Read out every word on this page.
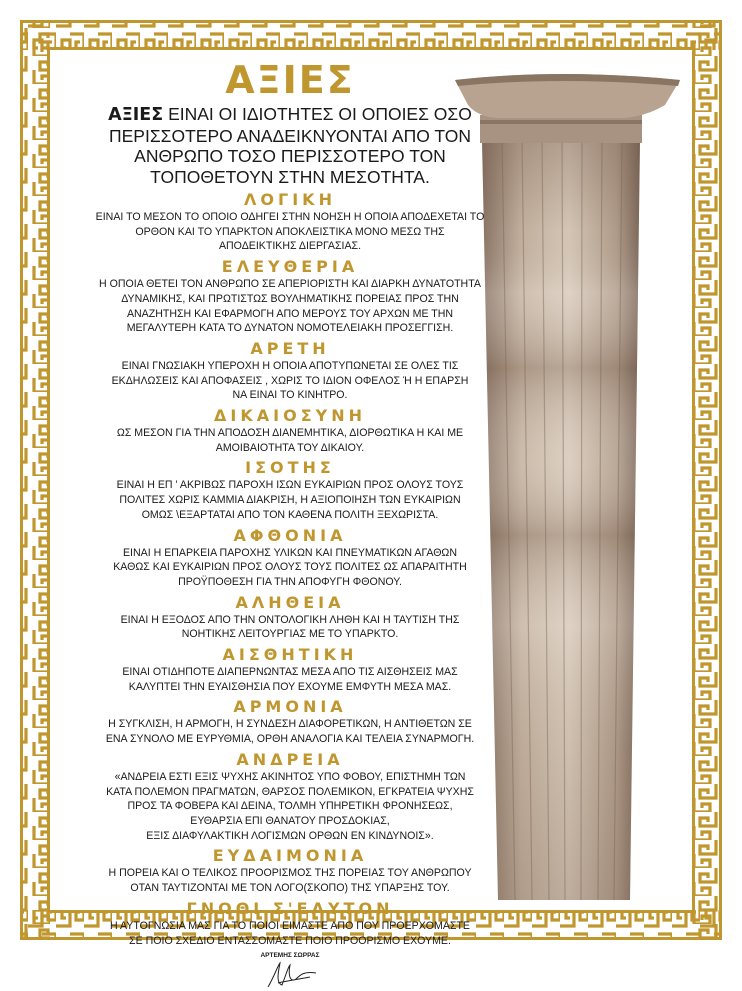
ΑΞΙΕΣ
ΑΞΙΕΣ ΕΙΝΑΙ ΟΙ ΙΔΙΟΤΗΤΕΣ ΟΙ ΟΠΟΙΕΣ ΟΣΟ
ΠΕΡΙΣΣΟΤΕΡΟ ΑΝΑΔΕΙΚΝΥΟΝΤΑΙ ΑΠΟ ΤΟΝ
ΑΝΘΡΩΠΟ ΤΟΣΟ ΠΕΡΙΣΣΟΤΕΡΟ ΤΟΝ
ΤΟΠΟΘΕΤΟΥΝ ΣΤΗΝ ΜΕΣΟΤΗΤΑ.
ΛΟΓΙΚΗ
ΕΙΝΑΙ ΤΟ ΜΕΣΟΝ ΤΟ ΟΠΟΙΟ ΟΔΗΓΕΙ ΣΤΗΝ ΝΟΗΣΗ Η ΟΠΟΙΑ ΑΠΟΔΕΧΕΤΑΙ ΤΟ
ΟΡΘΟΝ ΚΑΙ ΤΟ ΥΠΑΡΚΤΟΝ ΑΠΟΚΛΕΙΣΤΙΚΑ ΜΟΝΟ ΜΕΣΩ ΤΗΣ
ΑΠΟΔΕΙΚΤΙΚΗΣ ΔΙΕΡΓΑΣΙΑΣ.
ΕΛΕΥΘΕΡΙΑ
Η ΟΠΟΙΑ ΘΕΤΕΙ ΤΟΝ ΑΝΘΡΩΠΟ ΣΕ ΑΠΕΡΙΟΡΙΣΤΗ ΚΑΙ ΔΙΑΡΚΗ ΔΥΝΑΤΟΤΗΤΑ
ΔΥΝΑΜΙΚΗΣ, ΚΑΙ ΠΡΩΤΙΣΤΩΣ ΒΟΥΛΗΜΑΤΙΚΗΣ ΠΟΡΕΙΑΣ ΠΡΟΣ ΤΗΝ
ΑΝΑΖΗΤΗΣΗ ΚΑΙ ΕΦΑΡΜΟΓΗ ΑΠΟ ΜΕΡΟΥΣ ΤΟΥ ΑΡΧΩΝ ΜΕ ΤΗΝ
ΜΕΓΑΛΥΤΕΡΗ ΚΑΤΑ ΤΟ ΔΥΝΑΤΟΝ ΝΟΜΟΤΕΛΕΙΑΚΗ ΠΡΟΣΕΓΓΙΣΗ.
ΑΡΕΤΗ
ΕΙΝΑΙ ΓΝΩΣΙΑΚΗ ΥΠΕΡΟΧΗ Η ΟΠΟΙΑ ΑΠΟΤΥΠΩΝΕΤΑΙ ΣΕ ΟΛΕΣ ΤΙΣ
ΕΚΔΗΛΩΣΕΙΣ ΚΑΙ ΑΠΟΦΑΣΕΙΣ , ΧΩΡΙΣ ΤΟ ΙΔΙΟΝ ΟΦΕΛΟΣ Ή Η ΕΠΑΡΣΗ
ΝΑ ΕΙΝΑΙ ΤΟ ΚΙΝΗΤΡΟ.
ΔΙΚΑΙΟΣΥΝΗ
ΩΣ ΜΕΣΟΝ ΓΙΑ ΤΗΝ ΑΠΟΔΟΣΗ ΔΙΑΝΕΜΗΤΙΚΑ, ΔΙΟΡΘΩΤΙΚΑ Η ΚΑΙ ΜΕ
ΑΜΟΙΒΑΙΟΤΗΤΑ ΤΟΥ ΔΙΚΑΙΟΥ.
ΙΣΟΤΗΣ
ΕΙΝΑΙ Η ΕΠ ' ΑΚΡΙΒΩΣ ΠΑΡΟΧΗ ΙΣΩΝ ΕΥΚΑΙΡΙΩΝ ΠΡΟΣ ΟΛΟΥΣ ΤΟΥΣ
ΠΟΛΙΤΕΣ ΧΩΡΙΣ ΚΑΜΜΙΑ ΔΙΑΚΡΙΣΗ, Η ΑΞΙΟΠΟΙΗΣΗ ΤΩΝ ΕΥΚΑΙΡΙΩΝ
ΟΜΩΣ \ΕΞΑΡΤΑΤΑΙ ΑΠΟ ΤΟΝ ΚΑΘΕΝΑ ΠΟΛΙΤΗ ΞΕΧΩΡΙΣΤΑ.
ΑΦΘΟΝΙΑ
ΕΙΝΑΙ Η ΕΠΑΡΚΕΙΑ ΠΑΡΟΧΗΣ ΥΛΙΚΩΝ ΚΑΙ ΠΝΕΥΜΑΤΙΚΩΝ ΑΓΑΘΩΝ
ΚΑΘΩΣ ΚΑΙ ΕΥΚΑΙΡΙΩΝ ΠΡΟΣ ΟΛΟΥΣ ΤΟΥΣ ΠΟΛΙΤΕΣ ΩΣ ΑΠΑΡΑΙΤΗΤΗ
ΠΡΟΫΠΟΘΕΣΗ ΓΙΑ ΤΗΝ ΑΠΟΦΥΓΗ ΦΘΟΝΟΥ.
ΑΛΗΘΕΙΑ
ΕΙΝΑΙ Η ΕΞΟΔΟΣ ΑΠΟ ΤΗΝ ΟΝΤΟΛΟΓΙΚΗ ΛΗΘΗ ΚΑΙ Η ΤΑΥΤΙΣΗ ΤΗΣ
ΝΟΗΤΙΚΗΣ ΛΕΙΤΟΥΡΓΙΑΣ ΜΕ ΤΟ ΥΠΑΡΚΤΟ.
ΑΙΣΘΗΤΙΚΗ
ΕΙΝΑΙ ΟΤΙΔΗΠΟΤΕ ΔΙΑΠΕΡΝΩΝΤΑΣ ΜΕΣΑ ΑΠΟ ΤΙΣ ΑΙΣΘΗΣΕΙΣ ΜΑΣ
ΚΑΛΥΠΤΕΙ ΤΗΝ ΕΥΑΙΣΘΗΣΙΑ ΠΟΥ ΕΧΟΥΜΕ ΕΜΦΥΤΗ ΜΕΣΑ ΜΑΣ.
ΑΡΜΟΝΙΑ
Η ΣΥΓΚΛΙΣΗ, Η ΑΡΜΟΓΗ, Η ΣΥΝΔΕΣΗ ΔΙΑΦΟΡΕΤΙΚΩΝ, Η ΑΝΤΙΘΕΤΩΝ ΣΕ
ΕΝΑ ΣΥΝΟΛΟ ΜΕ ΕΥΡΥΘΜΙΑ, ΟΡΘΗ ΑΝΑΛΟΓΙΑ ΚΑΙ ΤΕΛΕΙΑ ΣΥΝΑΡΜΟΓΗ.
ΑΝΔΡΕΙΑ
«ΑΝΔΡΕΙΑ ΕΣΤΙ ΕΞΙΣ ΨΥΧΗΣ ΑΚΙΝΗΤΟΣ ΥΠΟ ΦΟΒΟΥ, ΕΠΙΣΤΗΜΗ ΤΩΝ
ΚΑΤΑ ΠΟΛΕΜΟΝ ΠΡΑΓΜΑΤΩΝ, ΘΑΡΣΟΣ ΠΟΛΕΜΙΚΟΝ, ΕΓΚΡΑΤΕΙΑ ΨΥΧΗΣ
ΠΡΟΣ ΤΑ ΦΟΒΕΡΑ ΚΑΙ ΔΕΙΝΑ, ΤΟΛΜΗ ΥΠΗΡΕΤΙΚΗ ΦΡΟΝΗΣΕΩΣ,
ΕΥΘΑΡΣΙΑ ΕΠΙ ΘΑΝΑΤΟΥ ΠΡΟΣΔΟΚΙΑΣ,
ΕΞΙΣ ΔΙΑΦΥΛΑΚΤΙΚΗ ΛΟΓΙΣΜΩΝ ΟΡΘΩΝ ΕΝ ΚΙΝΔΥΝΟΙΣ».
ΕΥΔΑΙΜΟΝΙΑ
Η ΠΟΡΕΙΑ ΚΑΙ Ο ΤΕΛΙΚΟΣ ΠΡΟΟΡΙΣΜΟΣ ΤΗΣ ΠΟΡΕΙΑΣ ΤΟΥ ΑΝΘΡΩΠΟΥ
ΟΤΑΝ ΤΑΥΤΙΖΟΝΤΑΙ ΜΕ ΤΟΝ ΛΟΓΟ(ΣΚΟΠΟ) ΤΗΣ ΥΠΑΡΞΗΣ ΤΟΥ.
ΓΝΩΘΙ Σ'ΕΑΥΤΟΝ
Η ΑΥΤΟΓΝΩΣΙΑ ΜΑΣ ΓΙΑ ΤΟ ΠΟΙΟΙ ΕΙΜΑΣΤΕ ΑΠΟ ΠΟΥ ΠΡΟΕΡΧΟΜΑΣΤΕ
ΣΕ ΠΟΙΟ ΣΧΕΔΙΟ ΕΝΤΑΣΣΟΜΑΣΤΕ ΠΟΙΟ ΠΡΟΟΡΙΣΜΟ ΕΧΟΥΜΕ.
ΑΡΤΕΜΗΣ ΣΩΡΡΑΣ
